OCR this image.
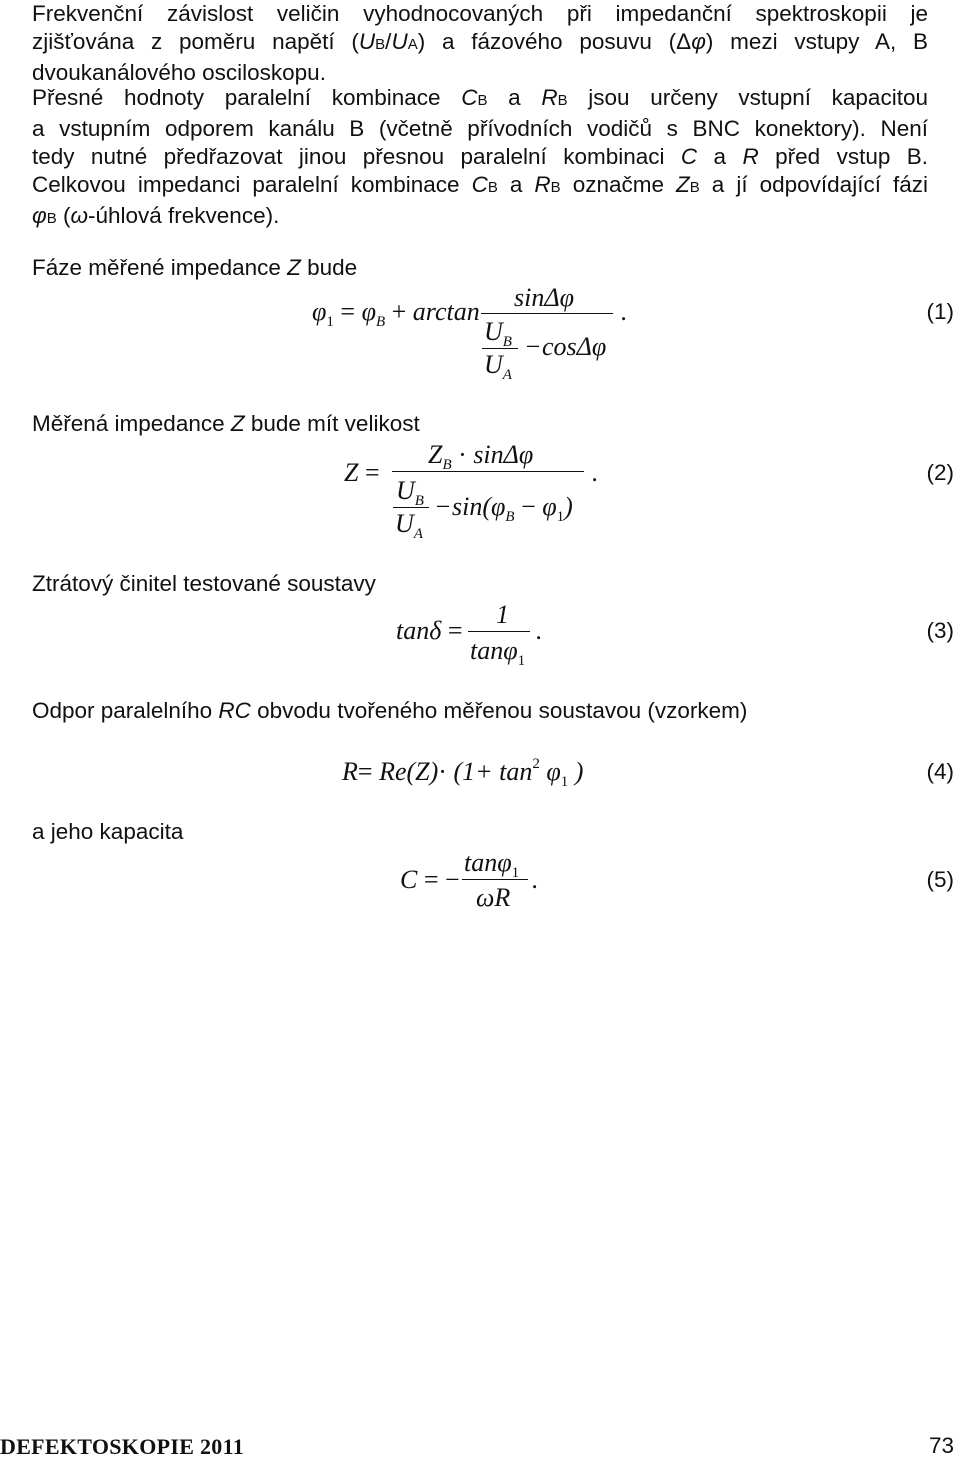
Frekvenční závislost veličin vyhodnocovaných při impedanční spektroskopii je
zjišťována z poměru napětí (UB/UA) a fázového posuvu (Δφ) mezi vstupy A, B
dvoukanálového osciloskopu.
Přesné hodnoty paralelní kombinace CB a RB jsou určeny vstupní kapacitou
a vstupním odporem kanálu B (včetně přívodních vodičů s BNC konektory). Není
tedy nutné předřazovat jinou přesnou paralelní kombinaci C a R před vstup B.
Celkovou impedanci paralelní kombinace CB a RB označme ZB a jí odpovídající fázi
φB (ω-úhlová frekvence).
Fáze měřené impedance Z bude
$\varphi_1 = \varphi_B + \arctan \sin\Delta\varphi$
$U_B$
$U_A$
− cosΔφ
.	(1)
Měřená impedance Z bude mít velikost
Z =
$Z_B \cdot \sin\Delta\varphi$
$U_B$
$U_A$
− $\sin(\varphi_B - \varphi_1)$
.	(2)
Ztrátový činitel testované soustavy
tanδ =
1
tanφ$_1$
.	(3)
Odpor paralelního RC obvodu tvořeného měřenou soustavou (vzorkem)
$R= Re(Z)\cdot (1+ \tan^2 \varphi_1$ )	(4)
a jeho kapacita
C = −
tanφ$_1$
ωR
.	(5)
DEFEKTOSKOPIE 2011	73
